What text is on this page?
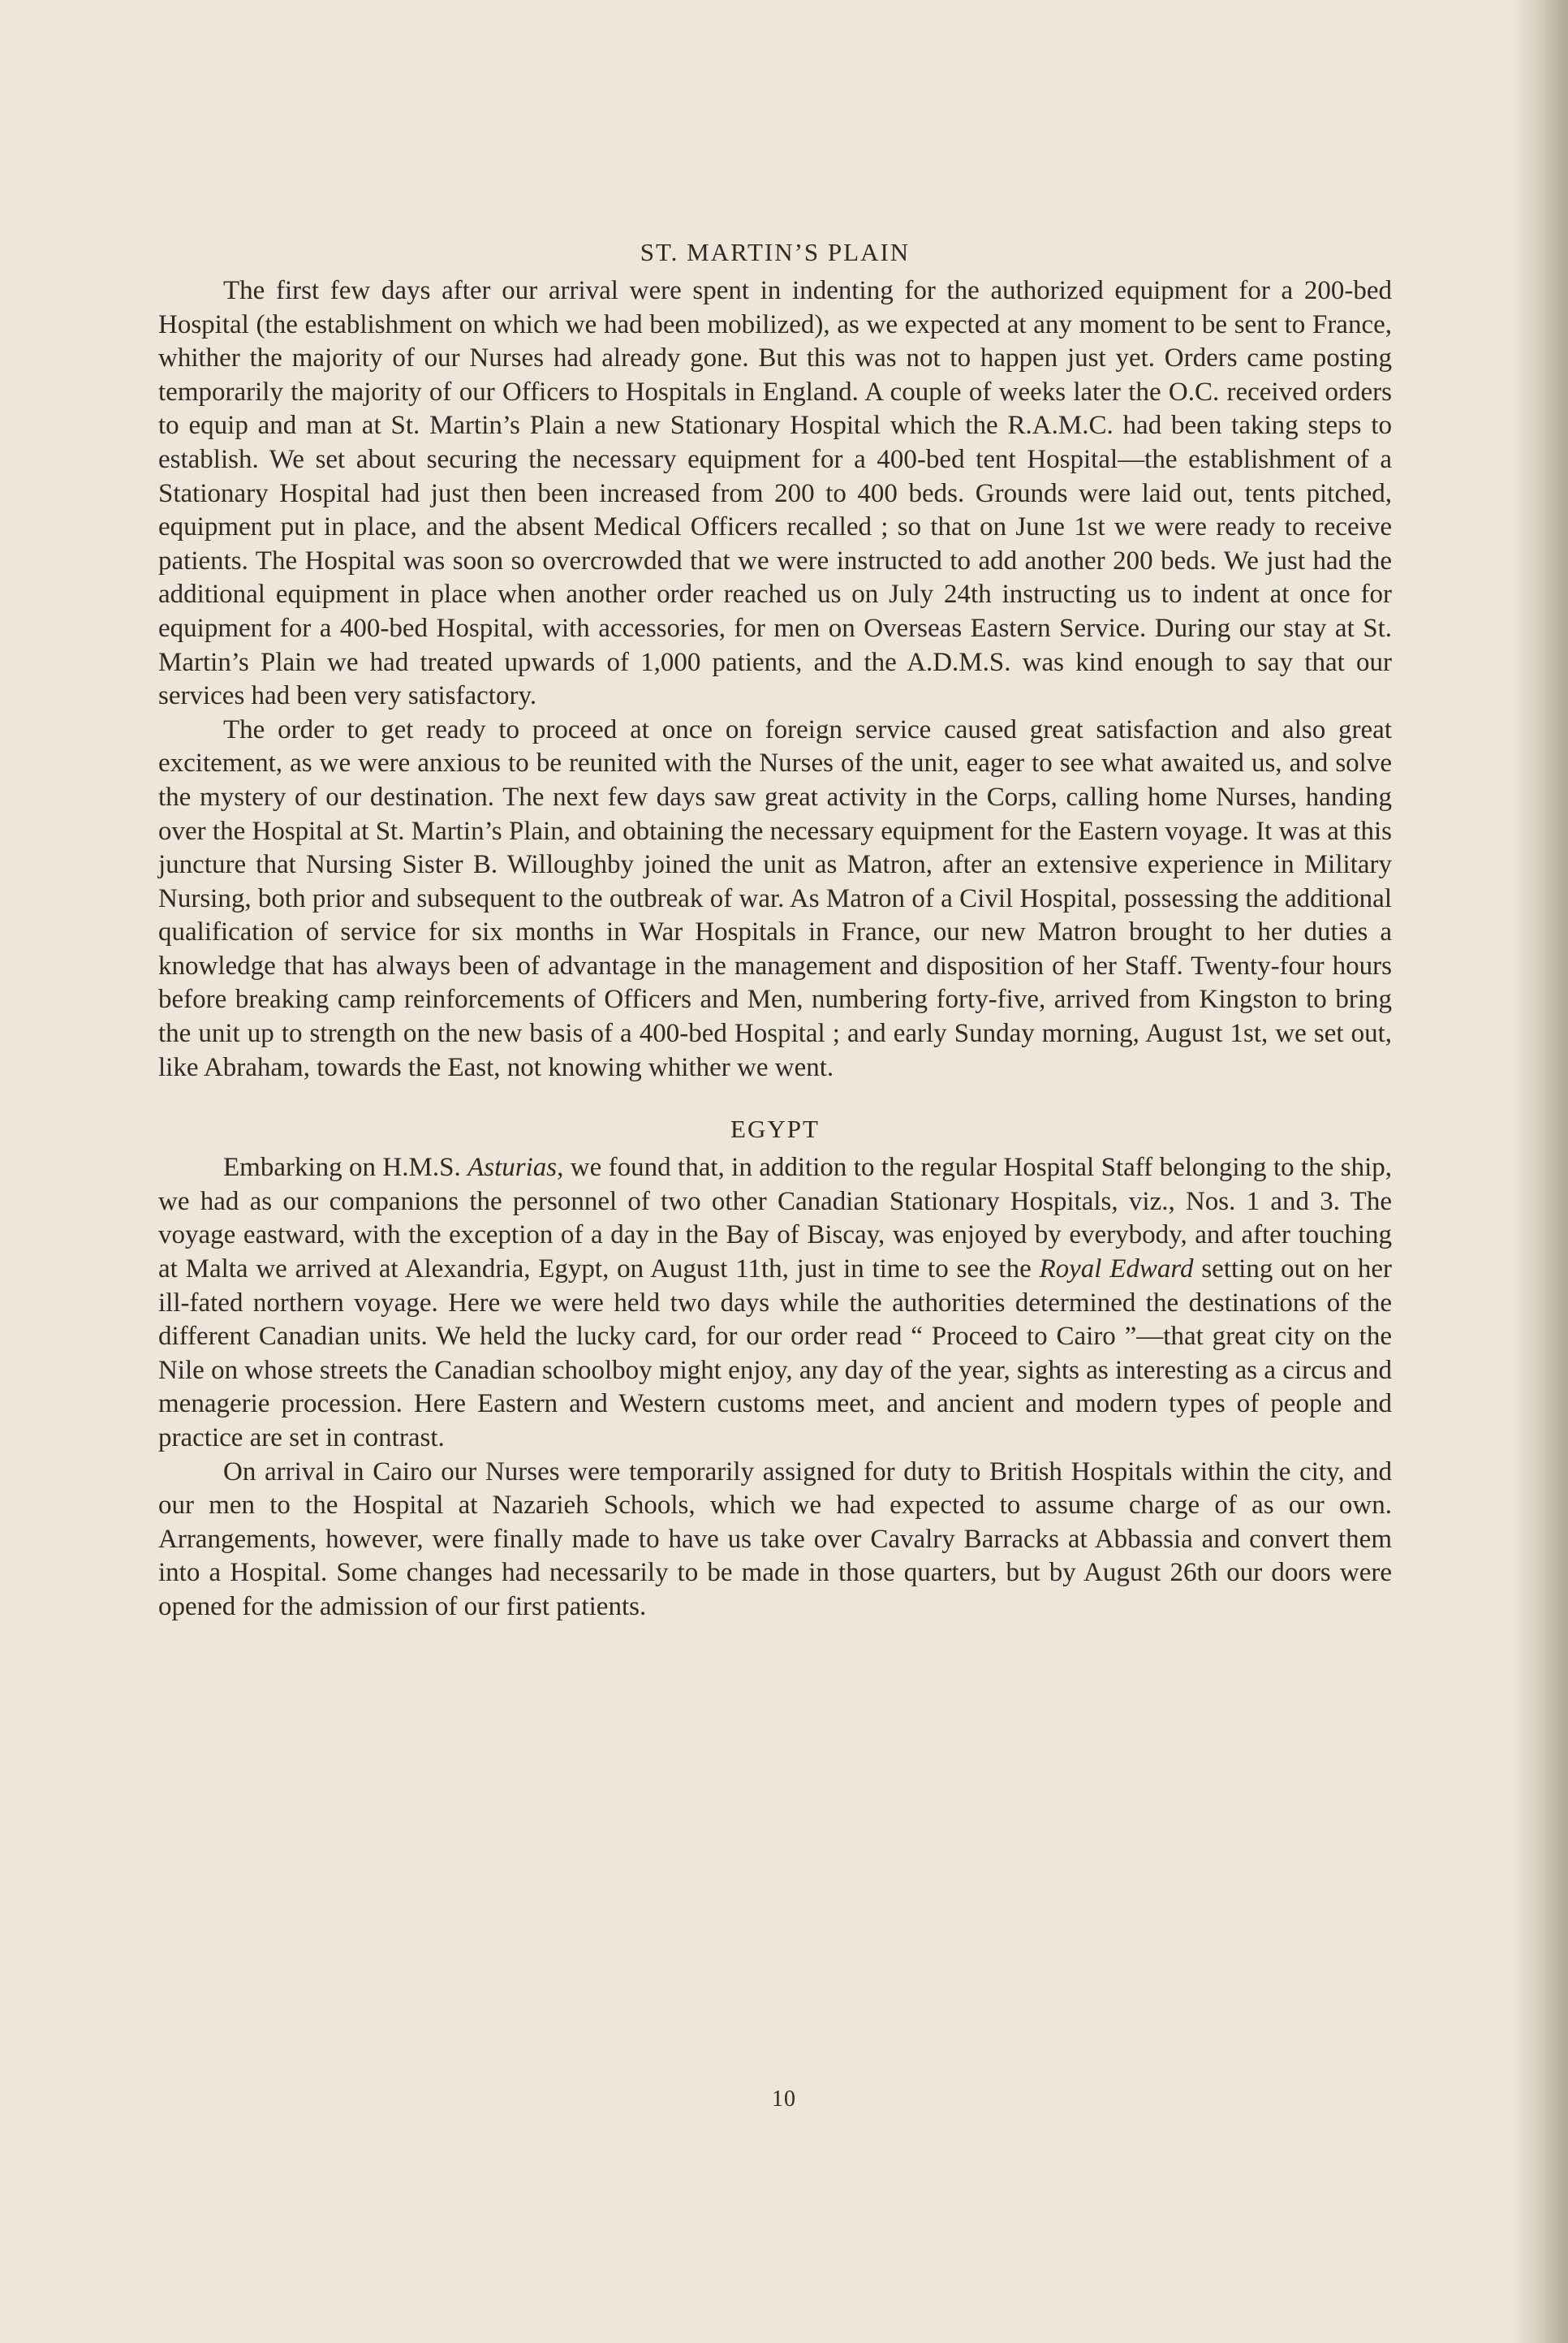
ST. MARTIN’S PLAIN

The first few days after our arrival were spent in indenting for the authorized equipment for a 200-bed Hospital (the establishment on which we had been mobilized), as we expected at any moment to be sent to France, whither the majority of our Nurses had already gone. But this was not to happen just yet. Orders came posting temporarily the majority of our Officers to Hospitals in England. A couple of weeks later the O.C. received orders to equip and man at St. Martin’s Plain a new Stationary Hospital which the R.A.M.C. had been taking steps to establish. We set about securing the necessary equipment for a 400-bed tent Hospital—the establishment of a Stationary Hospital had just then been increased from 200 to 400 beds. Grounds were laid out, tents pitched, equipment put in place, and the absent Medical Officers recalled ; so that on June 1st we were ready to receive patients. The Hospital was soon so overcrowded that we were instructed to add another 200 beds. We just had the additional equipment in place when another order reached us on July 24th instructing us to indent at once for equipment for a 400-bed Hospital, with accessories, for men on Overseas Eastern Service. During our stay at St. Martin’s Plain we had treated upwards of 1,000 patients, and the A.D.M.S. was kind enough to say that our services had been very satisfactory.

The order to get ready to proceed at once on foreign service caused great satisfaction and also great excitement, as we were anxious to be reunited with the Nurses of the unit, eager to see what awaited us, and solve the mystery of our destination. The next few days saw great activity in the Corps, calling home Nurses, handing over the Hospital at St. Martin’s Plain, and obtaining the necessary equipment for the Eastern voyage. It was at this juncture that Nursing Sister B. Willoughby joined the unit as Matron, after an extensive experience in Military Nursing, both prior and subsequent to the outbreak of war. As Matron of a Civil Hospital, possessing the additional qualification of service for six months in War Hospitals in France, our new Matron brought to her duties a knowledge that has always been of advantage in the management and disposition of her Staff. Twenty-four hours before breaking camp reinforcements of Officers and Men, numbering forty-five, arrived from Kingston to bring the unit up to strength on the new basis of a 400-bed Hospital ; and early Sunday morning, August 1st, we set out, like Abraham, towards the East, not knowing whither we went.

EGYPT

Embarking on H.M.S. Asturias, we found that, in addition to the regular Hospital Staff belonging to the ship, we had as our companions the personnel of two other Canadian Stationary Hospitals, viz., Nos. 1 and 3. The voyage eastward, with the exception of a day in the Bay of Biscay, was enjoyed by everybody, and after touching at Malta we arrived at Alexandria, Egypt, on August 11th, just in time to see the Royal Edward setting out on her ill-fated northern voyage. Here we were held two days while the authorities determined the destinations of the different Canadian units. We held the lucky card, for our order read “ Proceed to Cairo ”—that great city on the Nile on whose streets the Canadian schoolboy might enjoy, any day of the year, sights as interesting as a circus and menagerie procession. Here Eastern and Western customs meet, and ancient and modern types of people and practice are set in contrast.

On arrival in Cairo our Nurses were temporarily assigned for duty to British Hospitals within the city, and our men to the Hospital at Nazarieh Schools, which we had expected to assume charge of as our own. Arrangements, however, were finally made to have us take over Cavalry Barracks at Abbassia and convert them into a Hospital. Some changes had necessarily to be made in those quarters, but by August 26th our doors were opened for the admission of our first patients.

10
